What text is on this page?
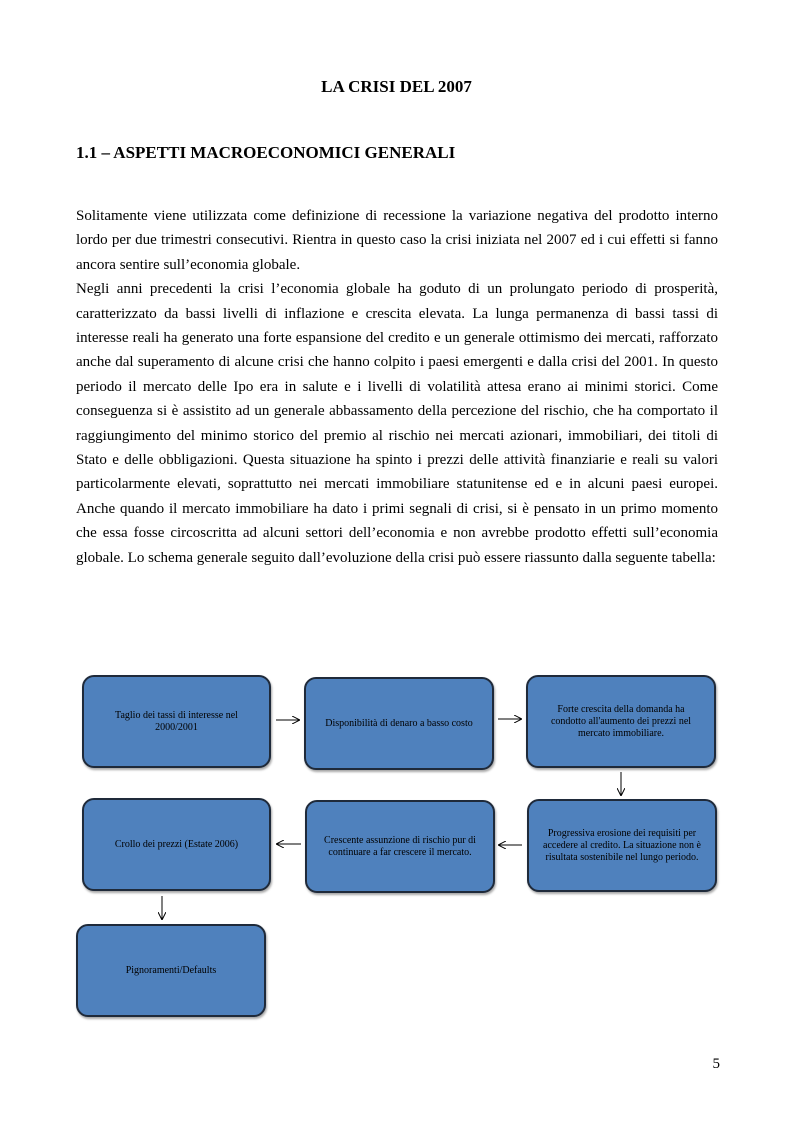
LA CRISI DEL 2007
1.1 – ASPETTI MACROECONOMICI GENERALI

Solitamente viene utilizzata come definizione di recessione la variazione negativa del prodotto interno lordo per due trimestri consecutivi. Rientra in questo caso la crisi iniziata nel 2007 ed i cui effetti si fanno ancora sentire sull’economia globale.

Negli anni precedenti la crisi l’economia globale ha goduto di un prolungato periodo di prosperità, caratterizzato da bassi livelli di inflazione e crescita elevata. La lunga permanenza di bassi tassi di interesse reali ha generato una forte espansione del credito e un generale ottimismo dei mercati, rafforzato anche dal superamento di alcune crisi che hanno colpito i paesi emergenti e dalla crisi del 2001. In questo periodo il mercato delle Ipo era in salute e i livelli di volatilità attesa erano ai minimi storici. Come conseguenza si è assistito ad un generale abbassamento della percezione del rischio, che ha comportato il raggiungimento del minimo storico del premio al rischio nei mercati azionari, immobiliari, dei titoli di Stato e delle obbligazioni. Questa situazione ha spinto i prezzi delle attività finanziarie e reali su valori particolarmente elevati, soprattutto nei mercati immobiliare statunitense ed e in alcuni paesi europei. Anche quando il mercato immobiliare ha dato i primi segnali di crisi, si è pensato in un primo momento che essa fosse circoscritta ad alcuni settori dell’economia e non avrebbe prodotto effetti sull’economia globale. Lo schema generale seguito dall’evoluzione della crisi può essere riassunto dalla seguente tabella:

Taglio dei tassi di interesse nel 2000/2001	Disponibilità di denaro a basso costo
Forte crescita della domanda ha condotto all'aumento dei prezzi nel mercato immobiliare.
Progressiva erosione dei requisiti per accedere al credito. La situazione non è risultata sostenibile nel lungo periodo.
Crescente assunzione di rischio pur di continuare a far crescere il mercato.
Crollo dei prezzi (Estate 2006)
Pignoramenti/Defaults
5
